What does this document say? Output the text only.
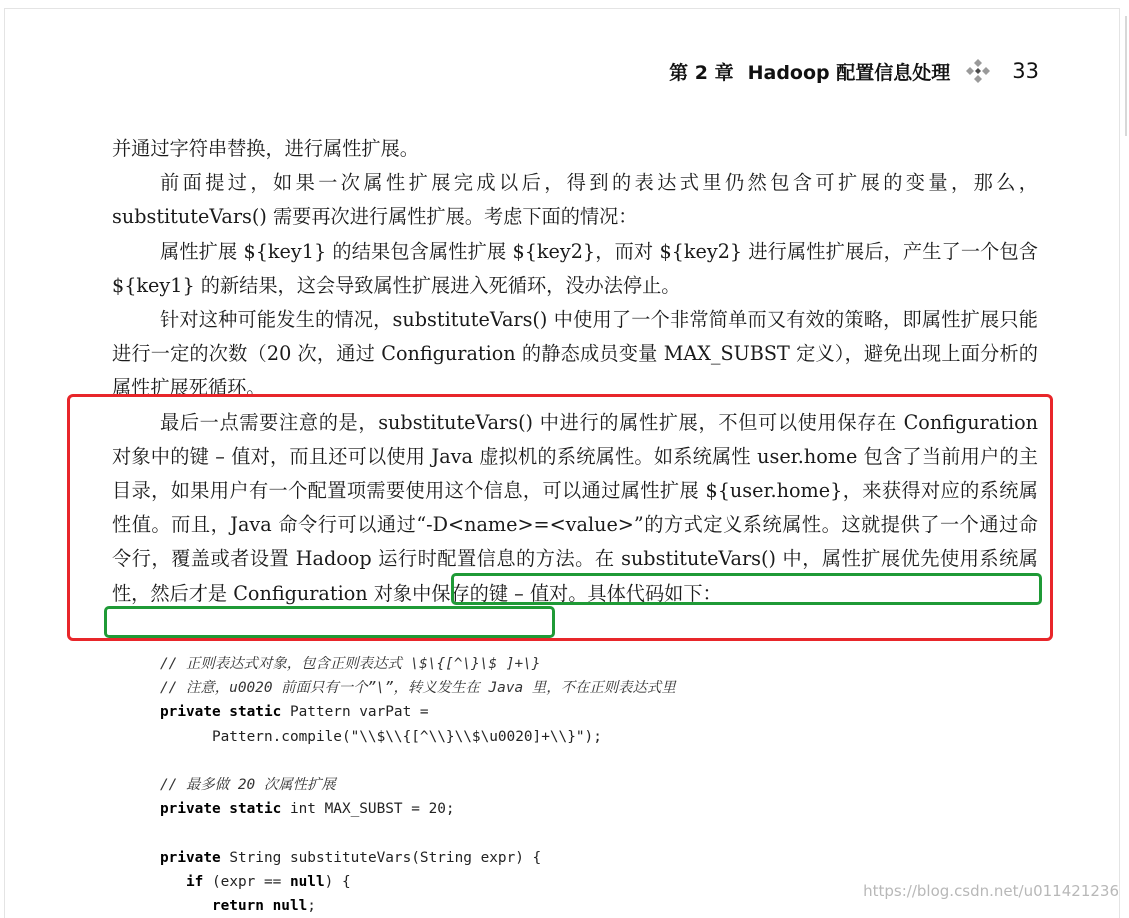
第 2 章 Hadoop 配置信息处理	33

并通过字符串替换，进行属性扩展。

前面提过，如果一次属性扩展完成以后，得到的表达式里仍然包含可扩展的变量，那么，substituteVars() 需要再次进行属性扩展。考虑下面的情况：

属性扩展 ${key1} 的结果包含属性扩展 ${key2}，而对 ${key2} 进行属性扩展后，产生了一个包含 ${key1} 的新结果，这会导致属性扩展进入死循环，没办法停止。

针对这种可能发生的情况，substituteVars() 中使用了一个非常简单而又有效的策略，即属性扩展只能进行一定的次数（20 次，通过 Configuration 的静态成员变量 MAX_SUBST 定义），避免出现上面分析的属性扩展死循环。

最后一点需要注意的是，substituteVars() 中进行的属性扩展，不但可以使用保存在 Configuration 对象中的键 – 值对，而且还可以使用 Java 虚拟机的系统属性。如系统属性 user.home 包含了当前用户的主目录，如果用户有一个配置项需要使用这个信息，可以通过属性扩展 ${user.home}，来获得对应的系统属性值。而且，Java 命令行可以通过“-D<name>=<value>”的方式定义系统属性。这就提供了一个通过命令行，覆盖或者设置 Hadoop 运行时配置信息的方法。在 substituteVars() 中，属性扩展优先使用系统属性，然后才是 Configuration 对象中保存的键 – 值对。具体代码如下：

// 正则表达式对象，包含正则表达式 \$\{[^\}\$ ]+\}
// 注意，u0020 前面只有一个”\”，转义发生在 Java 里，不在正则表达式里
private static Pattern varPat =
Pattern.compile("\\$\\{[^\\}\\$\u0020]+\\}");

// 最多做 20 次属性扩展
private static int MAX_SUBST = 20;

private String substituteVars(String expr) {
if (expr == null) {
return null;
https://blog.csdn.net/u011421236
